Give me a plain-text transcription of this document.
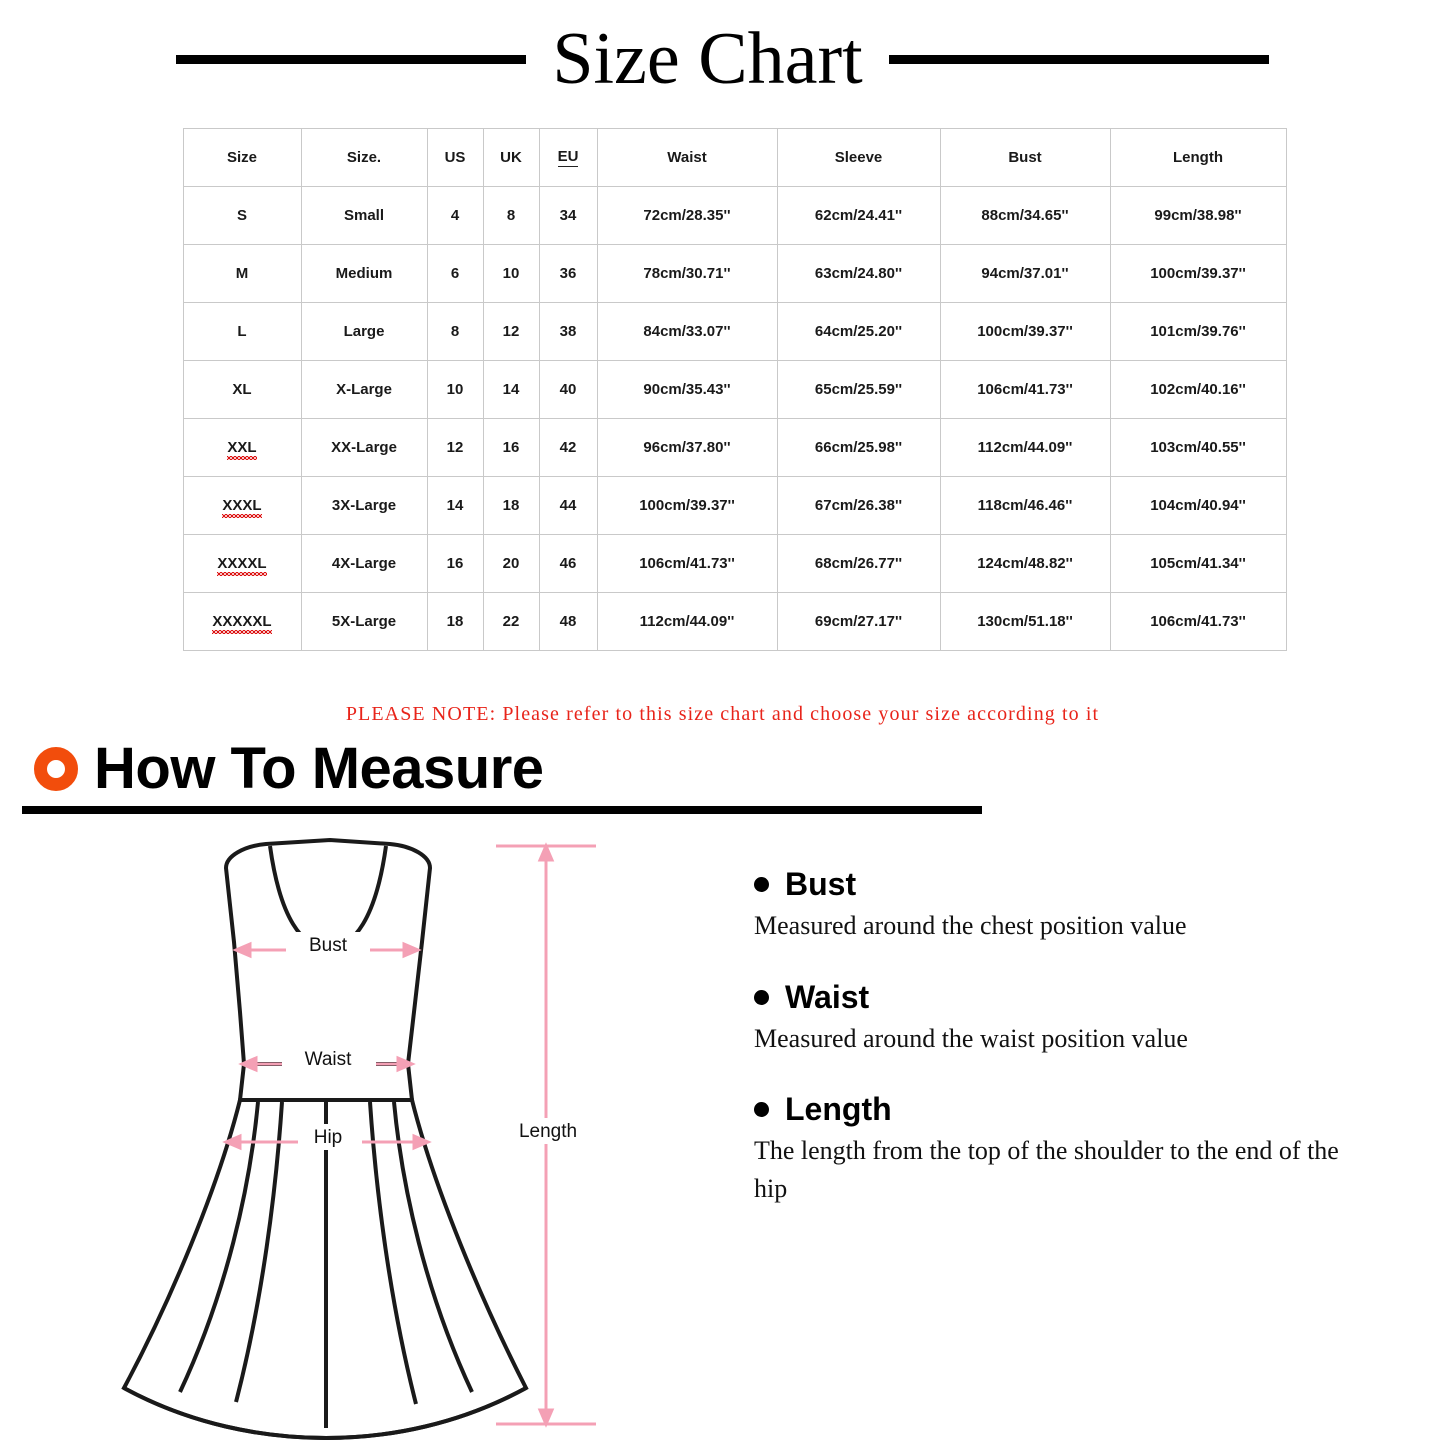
Size Chart
Size	Size.	US	UK	EU	Waist	Sleeve	Bust	Length
S	Small	4	8	34	72cm/28.35''	62cm/24.41''	88cm/34.65''	99cm/38.98''
M	Medium	6	10	36	78cm/30.71''	63cm/24.80''	94cm/37.01''	100cm/39.37''
L	Large	8	12	38	84cm/33.07''	64cm/25.20''	100cm/39.37''	101cm/39.76''
XL	X-Large	10	14	40	90cm/35.43''	65cm/25.59''	106cm/41.73''	102cm/40.16''
XXL	XX-Large	12	16	42	96cm/37.80''	66cm/25.98''	112cm/44.09''	103cm/40.55''
XXXL	3X-Large	14	18	44	100cm/39.37''	67cm/26.38''	118cm/46.46''	104cm/40.94''
XXXXL	4X-Large	16	20	46	106cm/41.73''	68cm/26.77''	124cm/48.82''	105cm/41.34''
XXXXXL	5X-Large	18	22	48	112cm/44.09''	69cm/27.17''	130cm/51.18''	106cm/41.73''
PLEASE NOTE: Please refer to this size chart and choose your size according to it
How To Measure
Bust
Waist
Hip	Length
Bust
Measured around the chest position value
Waist
Measured around the waist position value
Length
The length from the top of the shoulder to the end of the hip
